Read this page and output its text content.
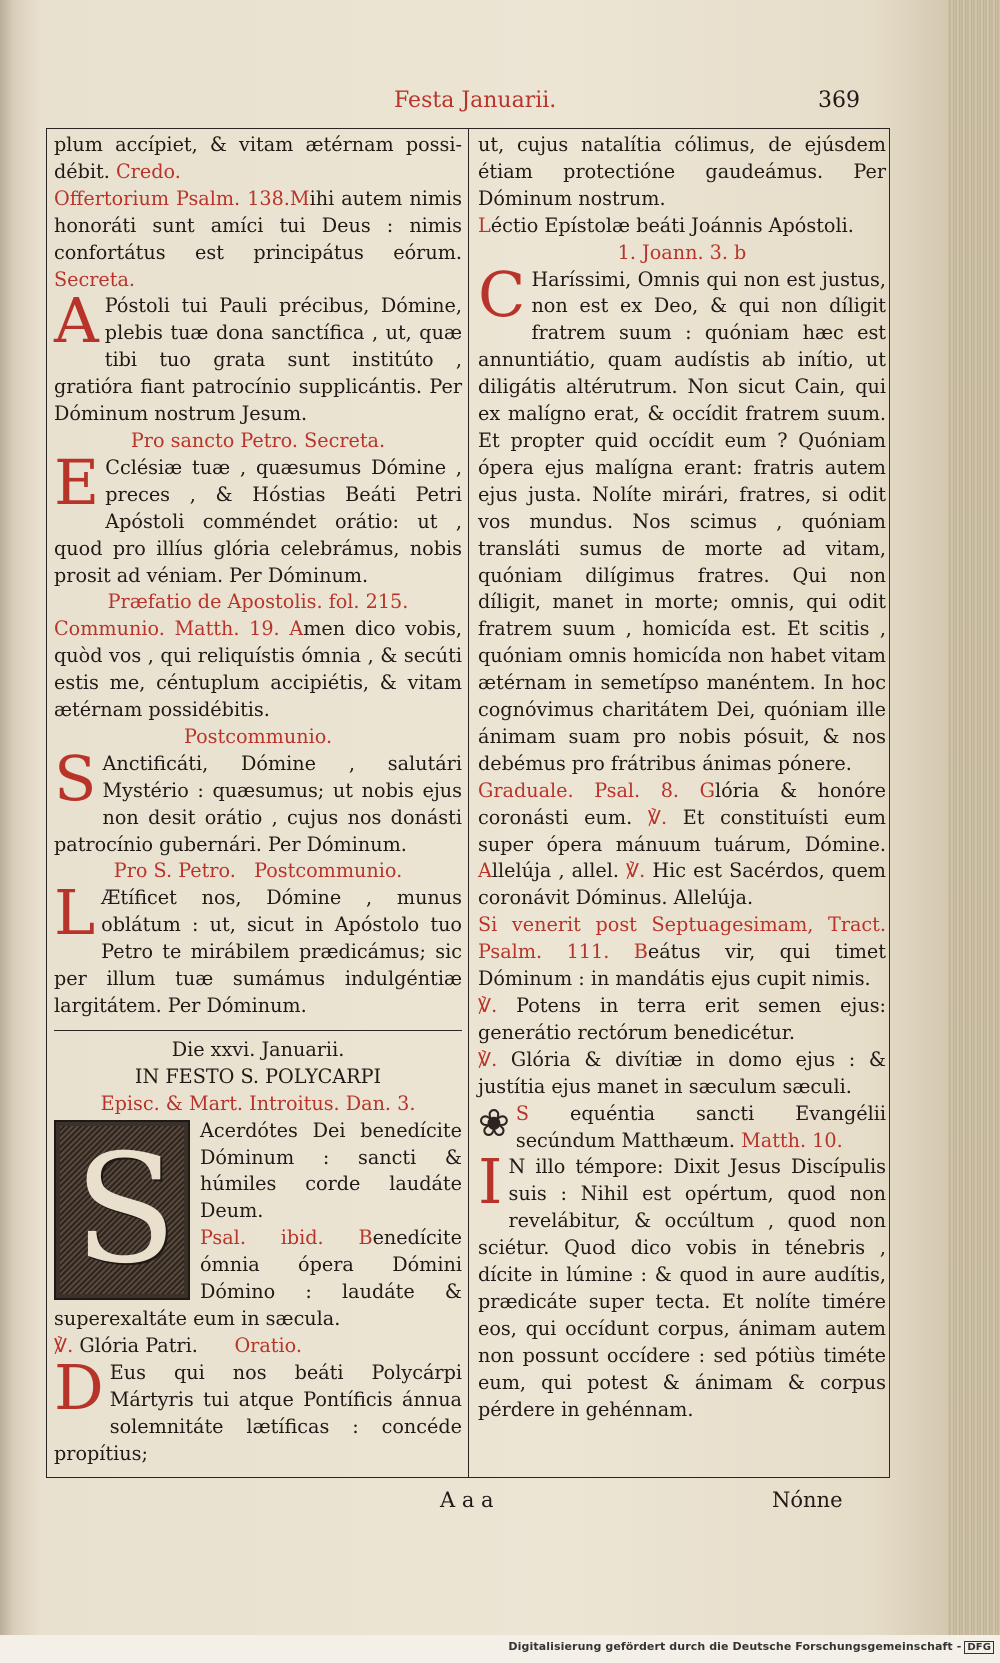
Festa Januarii.	369

plum accípiet, & vitam ætérnam possi-débit. Credo.

Offertorium Psalm. 138.Mihi autem nimis honoráti sunt amíci tui Deus : nimis confortátus est principátus eórum. Secreta.

A Póstoli tui Pauli précibus, Dómine, plebis tuæ dona sanctífica , ut, quæ tibi tuo grata sunt institúto , gratióra fiant patrocínio supplicántis. Per Dóminum nostrum Jesum.

Pro sancto Petro. Secreta.

E Cclésiæ tuæ , quæsumus Dómine , preces , & Hóstias Beáti Petri Apóstoli comméndet orátio: ut , quod pro illíus glória celebrámus, nobis prosit ad véniam. Per Dóminum.

Præfatio de Apostolis. fol. 215.

Communio. Matth. 19. Amen dico vobis, quòd vos , qui reliquístis ómnia , & secúti estis me, céntuplum accipiétis, & vitam ætérnam possidébitis.

Postcommunio.

S Anctificáti, Dómine , salutári Mystério : quæsumus; ut nobis ejus non desit orátio , cujus nos donásti patrocínio gubernári. Per Dóminum.

Pro S. Petro. Postcommunio.

L Ætíficet nos, Dómine , munus oblátum : ut, sicut in Apóstolo tuo Petro te mirábilem prædicámus; sic per illum tuæ sumámus indulgéntiæ largitátem. Per Dóminum.

Die xxvi. Januarii.

IN FESTO S. POLYCARPI

Episc. & Mart. Introitus. Dan. 3.

S	Acerdótes Dei benedícite Dóminum : sancti & húmiles corde laudáte Deum.

Psal. ibid. Benedícite ómnia ópera Dómini Dómino : laudáte & superexaltáte eum in sæcula.

℣. Glória Patri. Oratio.

D Eus qui nos beáti Polycárpi Mártyris tui atque Pontíficis ánnua solemnitáte lætíficas : concéde propítius;

ut, cujus natalítia cólimus, de ejúsdem étiam protectióne gaudeámus. Per Dóminum nostrum.

Léctio Epístolæ beáti Joánnis Apóstoli.

1. Joann. 3. b

C Haríssimi, Omnis qui non est justus, non est ex Deo, & qui non díligit fratrem suum : quóniam hæc est annuntiátio, quam audístis ab inítio, ut diligátis altérutrum. Non sicut Cain, qui ex malígno erat, & occídit fratrem suum. Et propter quid occídit eum ? Quóniam ópera ejus malígna erant: fratris autem ejus justa. Nolíte mirári, fratres, si odit vos mundus. Nos scimus , quóniam transláti sumus de morte ad vitam, quóniam dilígimus fratres. Qui non díligit, manet in morte; omnis, qui odit fratrem suum , homicída est. Et scitis , quóniam omnis homicída non habet vitam ætérnam in semetípso manéntem. In hoc cognóvimus charitátem Dei, quóniam ille ánimam suam pro nobis pósuit, & nos debémus pro frátribus ánimas pónere.

Graduale. Psal. 8. Glória & honóre coronásti eum. ℣. Et constituísti eum super ópera mánuum tuárum, Dómine. Allelúja , allel. ℣. Hic est Sacérdos, quem coronávit Dóminus. Allelúja.

Si venerit post Septuagesimam, Tract. Psalm. 111. Beátus vir, qui timet Dóminum : in mandátis ejus cupit nimis.

℣. Potens in terra erit semen ejus: generátio rectórum benedicétur.

℣. Glória & divítiæ in domo ejus : & justítia ejus manet in sæculum sæculi.

❀ S equéntia sancti Evangélii secúndum Matthæum. Matth. 10.

I N illo témpore: Dixit Jesus Discípulis suis : Nihil est opértum, quod non revelábitur, & occúltum , quod non sciétur. Quod dico vobis in ténebris , dícite in lúmine : & quod in aure audítis, prædicáte super tecta. Et nolíte timére eos, qui occídunt corpus, ánimam autem non possunt occídere : sed pótiùs timéte eum, qui potest & ánimam & corpus pérdere in gehénnam.

A a a	Nónne
Digitalisierung gefördert durch die Deutsche Forschungsgemeinschaft - DFG
